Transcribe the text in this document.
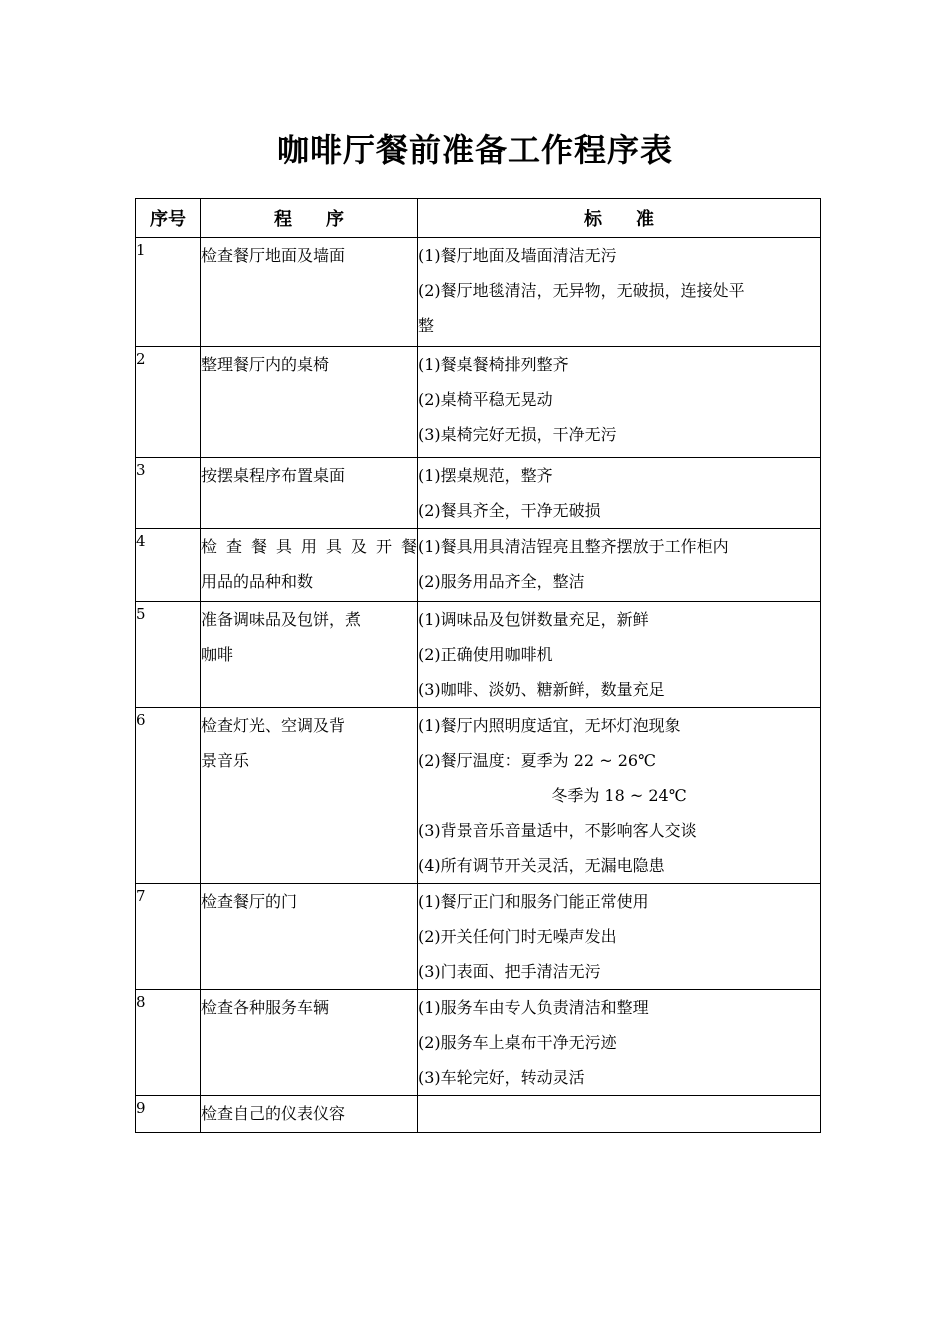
咖啡厅餐前准备工作程序表
序号	程 序	标 准
1	检查餐厅地面及墙面	(1)餐厅地面及墙面清洁无污
(2)餐厅地毯清洁，无异物，无破损，连接处平
整

2	整理餐厅内的桌椅	(1)餐桌餐椅排列整齐
(2)桌椅平稳无晃动
(3)桌椅完好无损，干净无污

3	按摆桌程序布置桌面	(1)摆桌规范，整齐
(2)餐具齐全，干净无破损

4	检查餐具用具及开餐
用品的品种和数	(1)餐具用具清洁锃亮且整齐摆放于工作柜内
(2)服务用品齐全，整洁

5	准备调味品及包饼，煮
咖啡	(1)调味品及包饼数量充足，新鲜
(2)正确使用咖啡机
(3)咖啡、淡奶、糖新鲜，数量充足

6	检查灯光、空调及背
景音乐	(1)餐厅内照明度适宜，无坏灯泡现象
(2)餐厅温度：夏季为 22 ~ 26℃
冬季为 18 ~ 24℃
(3)背景音乐音量适中，不影响客人交谈
(4)所有调节开关灵活，无漏电隐患

7	检查餐厅的门	(1)餐厅正门和服务门能正常使用
(2)开关任何门时无噪声发出
(3)门表面、把手清洁无污

8	检查各种服务车辆	(1)服务车由专人负责清洁和整理
(2)服务车上桌布干净无污迹
(3)车轮完好，转动灵活

9	检查自己的仪表仪容	
